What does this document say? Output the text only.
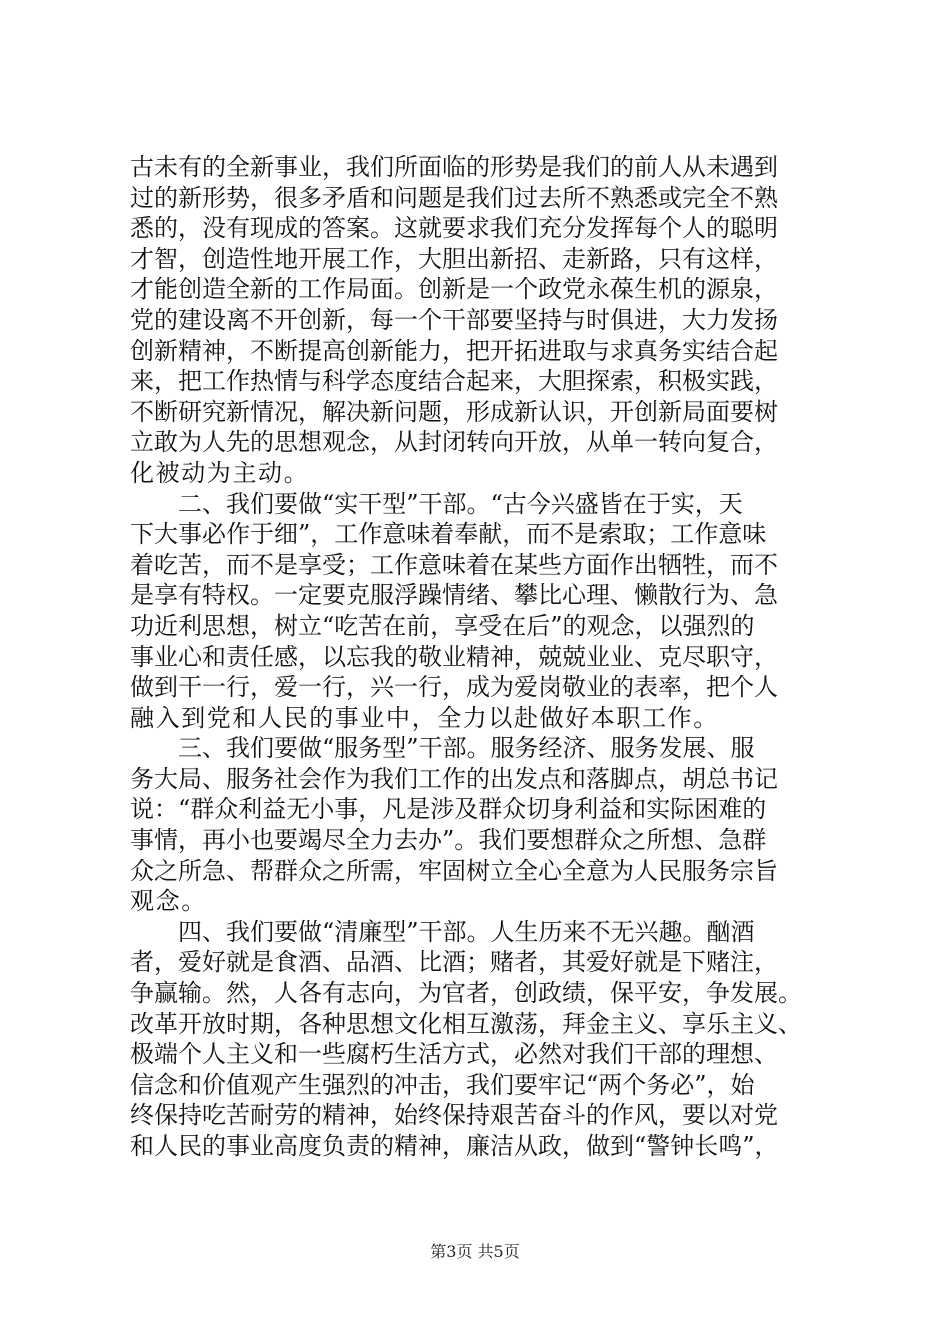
古未有的全新事业，我们所面临的形势是我们的前人从未遇到
过的新形势，很多矛盾和问题是我们过去所不熟悉或完全不熟
悉的，没有现成的答案。这就要求我们充分发挥每个人的聪明
才智，创造性地开展工作，大胆出新招、走新路，只有这样，
才能创造全新的工作局面。创新是一个政党永葆生机的源泉，
党的建设离不开创新，每一个干部要坚持与时俱进，大力发扬
创新精神，不断提高创新能力，把开拓进取与求真务实结合起
来，把工作热情与科学态度结合起来，大胆探索，积极实践，
不断研究新情况，解决新问题，形成新认识，开创新局面要树
立敢为人先的思想观念，从封闭转向开放，从单一转向复合，
化被动为主动。
　　二、我们要做“实干型”干部。“古今兴盛皆在于实，天
下大事必作于细”，工作意味着奉献，而不是索取；工作意味
着吃苦，而不是享受；工作意味着在某些方面作出牺牲，而不
是享有特权。一定要克服浮躁情绪、攀比心理、懒散行为、急
功近利思想，树立“吃苦在前，享受在后”的观念，以强烈的
事业心和责任感，以忘我的敬业精神，兢兢业业、克尽职守，
做到干一行，爱一行，兴一行，成为爱岗敬业的表率，把个人
融入到党和人民的事业中，全力以赴做好本职工作。
　　三、我们要做“服务型”干部。服务经济、服务发展、服
务大局、服务社会作为我们工作的出发点和落脚点，胡总书记
说：“群众利益无小事，凡是涉及群众切身利益和实际困难的
事情，再小也要竭尽全力去办”。我们要想群众之所想、急群
众之所急、帮群众之所需，牢固树立全心全意为人民服务宗旨
观念。
　　四、我们要做“清廉型”干部。人生历来不无兴趣。酗酒
者，爱好就是食酒、品酒、比酒；赌者，其爱好就是下赌注，
争赢输。然，人各有志向，为官者，创政绩，保平安，争发展。
改革开放时期，各种思想文化相互激荡，拜金主义、享乐主义、
极端个人主义和一些腐朽生活方式，必然对我们干部的理想、
信念和价值观产生强烈的冲击，我们要牢记“两个务必”，始
终保持吃苦耐劳的精神，始终保持艰苦奋斗的作风，要以对党
和人民的事业高度负责的精神，廉洁从政，做到“警钟长鸣”，
第3页 共5页
